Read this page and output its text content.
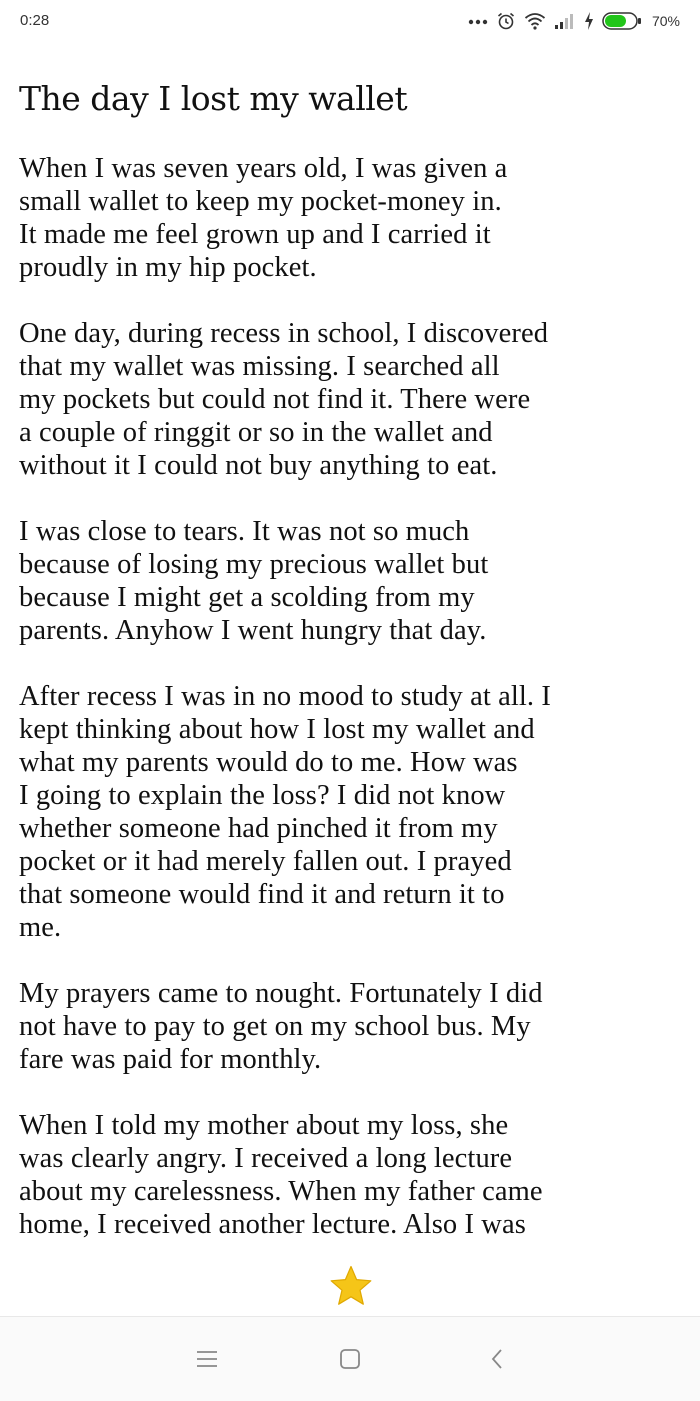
0:28	70%
The day I lost my wallet

When I was seven years old, I was given a
small wallet to keep my pocket-money in.
It made me feel grown up and I carried it
proudly in my hip pocket.

One day, during recess in school, I discovered
that my wallet was missing. I searched all
my pockets but could not find it. There were
a couple of ringgit or so in the wallet and
without it I could not buy anything to eat.

I was close to tears. It was not so much
because of losing my precious wallet but
because I might get a scolding from my
parents. Anyhow I went hungry that day.

After recess I was in no mood to study at all. I
kept thinking about how I lost my wallet and
what my parents would do to me. How was
I going to explain the loss? I did not know
whether someone had pinched it from my
pocket or it had merely fallen out. I prayed
that someone would find it and return it to
me.

My prayers came to nought. Fortunately I did
not have to pay to get on my school bus. My
fare was paid for monthly.

When I told my mother about my loss, she
was clearly angry. I received a long lecture
about my carelessness. When my father came
home, I received another lecture. Also I was
